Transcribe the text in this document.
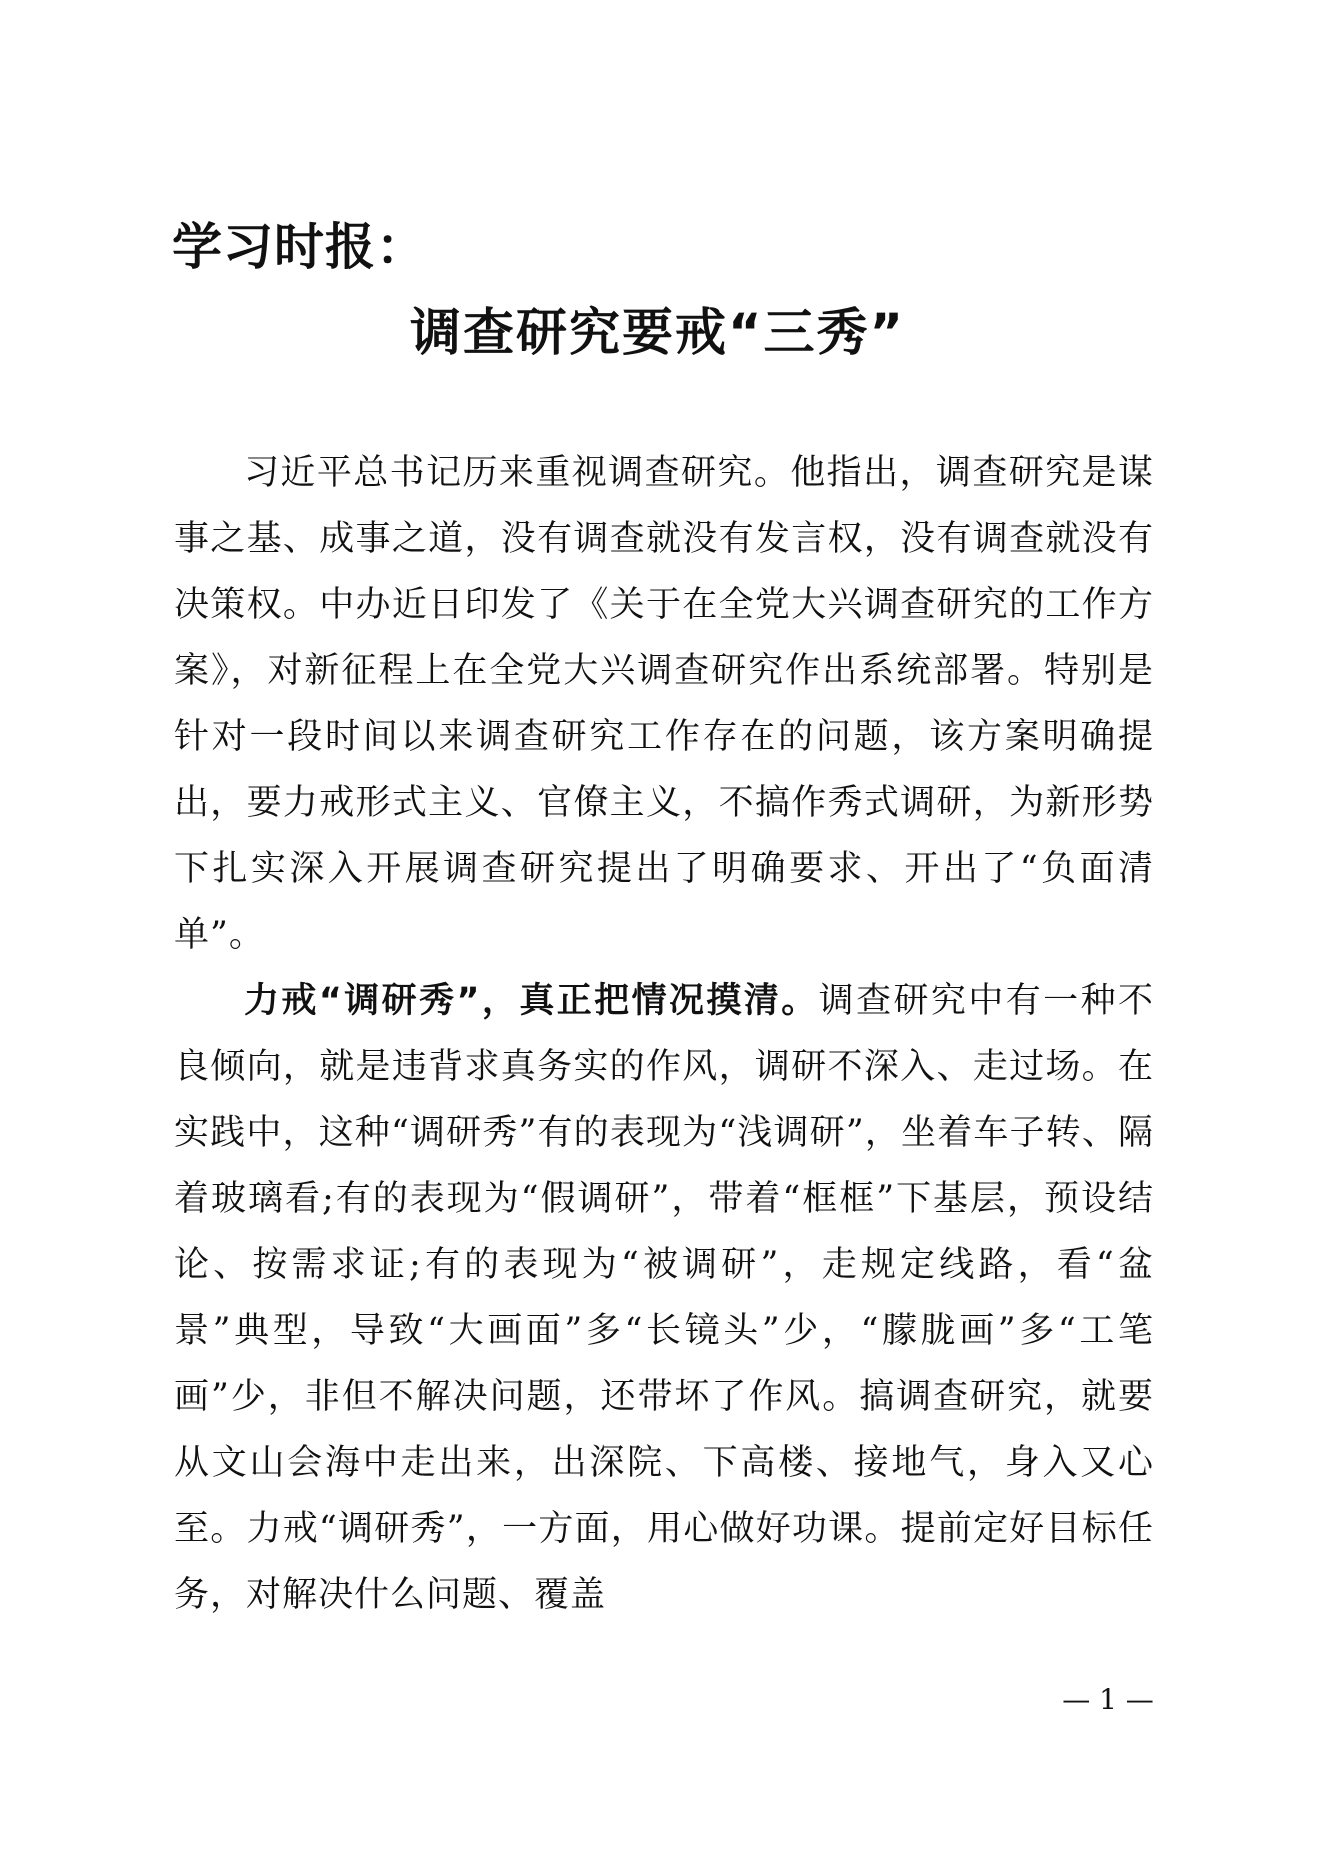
学习时报：
调查研究要戒“三秀”

习近平总书记历来重视调查研究。他指出，调查研究是谋事之基、成事之道，没有调查就没有发言权，没有调查就没有决策权。中办近日印发了《关于在全党大兴调查研究的工作方案》，对新征程上在全党大兴调查研究作出系统部署。特别是针对一段时间以来调查研究工作存在的问题，该方案明确提出，要力戒形式主义、官僚主义，不搞作秀式调研，为新形势下扎实深入开展调查研究提出了明确要求、开出了“负面清单”。

力戒“调研秀”，真正把情况摸清。调查研究中有一种不良倾向，就是违背求真务实的作风，调研不深入、走过场。在实践中，这种“调研秀”有的表现为“浅调研”，坐着车子转、隔着玻璃看;有的表现为“假调研”，带着“框框”下基层，预设结论、按需求证;有的表现为“被调研”，走规定线路，看“盆景”典型，导致“大画面”多“长镜头”少，“朦胧画”多“工笔画”少，非但不解决问题，还带坏了作风。搞调查研究，就要从文山会海中走出来，出深院、下高楼、接地气，身入又心至。力戒“调研秀”，一方面，用心做好功课。提前定好目标任务，对解决什么问题、覆盖

— 1 —
